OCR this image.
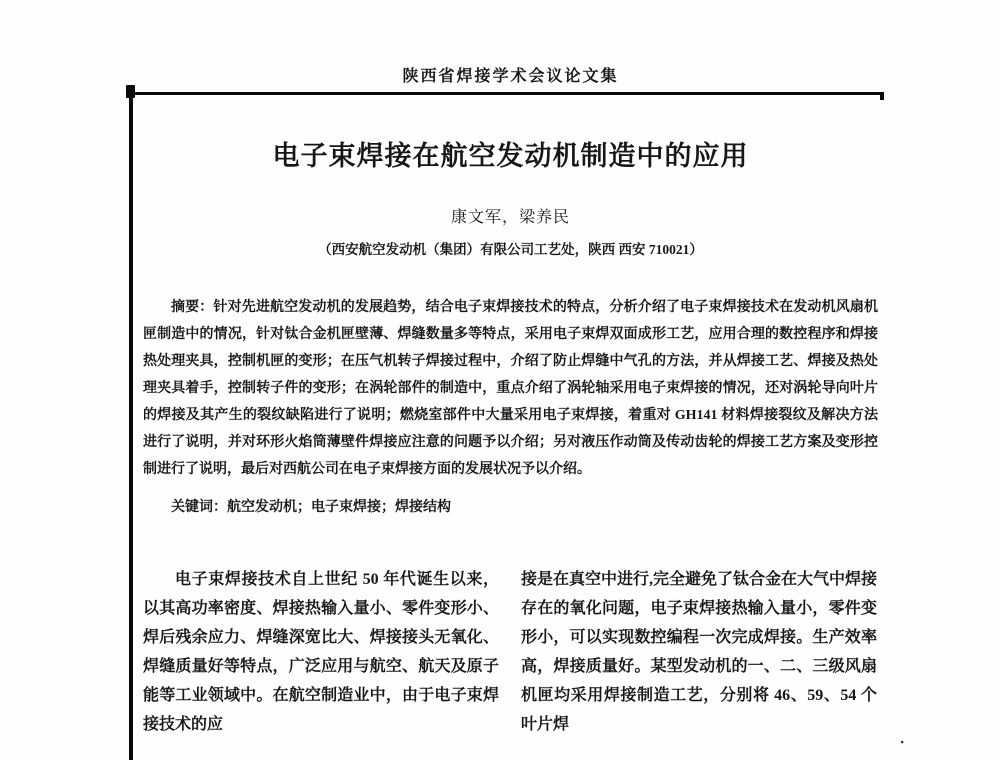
．
陕西省焊接学术会议论文集
电子束焊接在航空发动机制造中的应用
康文军，梁养民
（西安航空发动机（集团）有限公司工艺处，陕西 西安 710021）
摘要：针对先进航空发动机的发展趋势，结合电子束焊接技术的特点，分析介绍了电子束焊接技术在发动机风扇机匣制造中的情况，针对钛合金机匣壁薄、焊缝数量多等特点，采用电子束焊双面成形工艺，应用合理的数控程序和焊接热处理夹具，控制机匣的变形；在压气机转子焊接过程中，介绍了防止焊缝中气孔的方法，并从焊接工艺、焊接及热处理夹具着手，控制转子件的变形；在涡轮部件的制造中，重点介绍了涡轮轴采用电子束焊接的情况，还对涡轮导向叶片的焊接及其产生的裂纹缺陷进行了说明；燃烧室部件中大量采用电子束焊接，着重对 GH141 材料焊接裂纹及解决方法进行了说明，并对环形火焰筒薄壁件焊接应注意的问题予以介绍；另对液压作动筒及传动齿轮的焊接工艺方案及变形控制进行了说明，最后对西航公司在电子束焊接方面的发展状况予以介绍。
关键词：航空发动机；电子束焊接；焊接结构

电子束焊接技术自上世纪 50 年代诞生以来，以其高功率密度、焊接热输入量小、零件变形小、焊后残余应力、焊缝深宽比大、焊接接头无氧化、焊缝质量好等特点，广泛应用与航空、航天及原子能等工业领域中。在航空制造业中，由于电子束焊接技术的应

接是在真空中进行,完全避免了钛合金在大气中焊接存在的氧化问题，电子束焊接热输入量小，零件变形小，可以实现数控编程一次完成焊接。生产效率高，焊接质量好。某型发动机的一、二、三级风扇机匣均采用焊接制造工艺，分别将 46、59、54 个叶片焊
